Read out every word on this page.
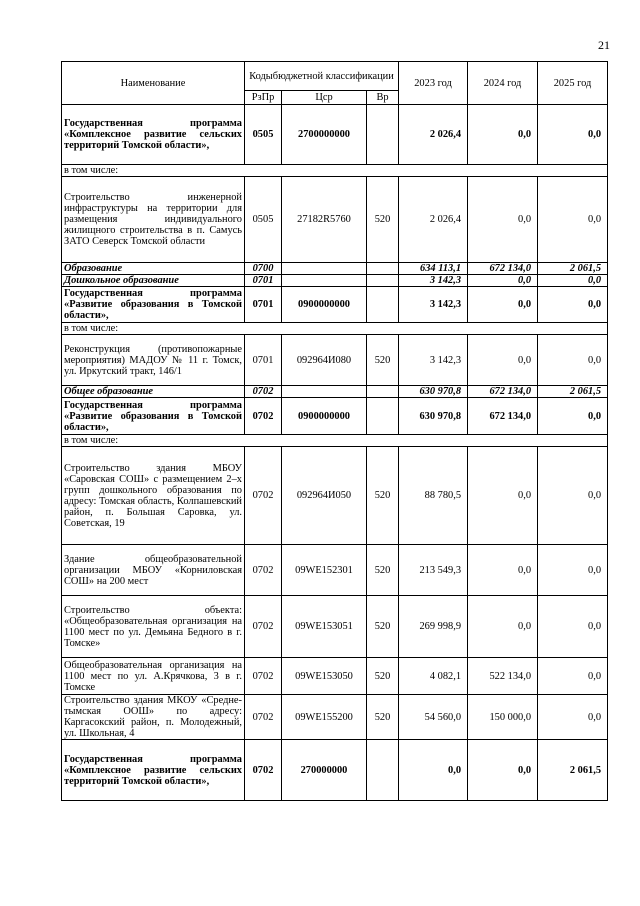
21
Наименование	Кодыбюджетной классификации			2023 год	2024 год	2025 год
	РзПр	Цср	Вр			
Государственная программа «Комплексное развитие сельских территорий Томской области»,	0505	2700000000		2 026,4	0,0	0,0
в том числе:						
Строительство инженерной инфраструктуры на территории для размещения индивидуального жилищного строительства в п. Самусь ЗАТО Северск Томской области	0505	27182R5760	520	2 026,4	0,0	0,0
Образование	0700			634 113,1	672 134,0	2 061,5
Дошкольное образование	0701			3 142,3	0,0	0,0
Государственная программа «Развитие образования в Томской области»,	0701	0900000000		3 142,3	0,0	0,0
в том числе:						
Реконструкция (противопожарные мероприятия) МАДОУ № 11 г. Томск, ул. Иркутский тракт, 146/1	0701	092964И080	520	3 142,3	0,0	0,0
Общее образование	0702			630 970,8	672 134,0	2 061,5
Государственная программа «Развитие образования в Томской области»,	0702	0900000000		630 970,8	672 134,0	0,0
в том числе:						
Строительство здания МБОУ «Саровская СОШ» с размещением 2–х групп дошкольного образования по адресу: Томская область, Колпашевский район, п. Большая Саровка, ул. Советская, 19	0702	092964И050	520	88 780,5	0,0	0,0
Здание общеобразовательной организации МБОУ «Корниловская СОШ» на 200 мест	0702	09WE152301	520	213 549,3	0,0	0,0
Строительство объекта: «Общеобразовательная организация на 1100 мест по ул. Демьяна Бедного в г. Томске»	0702	09WE153051	520	269 998,9	0,0	0,0
Общеобразовательная организация на 1100 мест по ул. А.Крячкова, 3 в г. Томске	0702	09WE153050	520	4 082,1	522 134,0	0,0
Строительство здания МКОУ «Среднетымская ООШ» по адресу: Каргасокский район, п. Молодежный, ул. Школьная, 4	0702	09WE155200	520	54 560,0	150 000,0	0,0
Государственная программа «Комплексное развитие сельских территорий Томской области»,	0702	270000000		0,0	0,0	2 061,5
